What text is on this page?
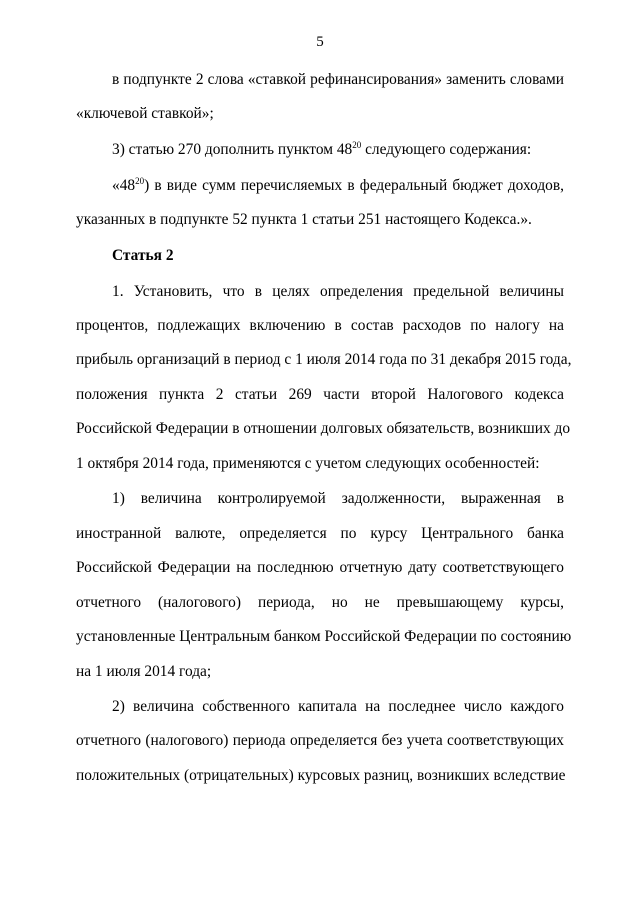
5
в подпункте 2 слова «ставкой рефинансирования» заменить словами
«ключевой ставкой»;
3) статью 270 дополнить пунктом $48^{20}$ следующего содержания:
«$48^{20}$) в виде сумм перечисляемых в федеральный бюджет доходов,
указанных в подпункте 52 пункта 1 статьи 251 настоящего Кодекса.».
Статья 2
1. Установить, что в целях определения предельной величины
процентов, подлежащих включению в состав расходов по налогу на
прибыль организаций в период с 1 июля 2014 года по 31 декабря 2015 года,
положения пункта 2 статьи 269 части второй Налогового кодекса
Российской Федерации в отношении долговых обязательств, возникших до
1 октября 2014 года, применяются с учетом следующих особенностей:
1) величина контролируемой задолженности, выраженная в
иностранной валюте, определяется по курсу Центрального банка
Российской Федерации на последнюю отчетную дату соответствующего
отчетного (налогового) периода, но не превышающему курсы,
установленные Центральным банком Российской Федерации по состоянию
на 1 июля 2014 года;
2) величина собственного капитала на последнее число каждого
отчетного (налогового) периода определяется без учета соответствующих
положительных (отрицательных) курсовых разниц, возникших вследствие
